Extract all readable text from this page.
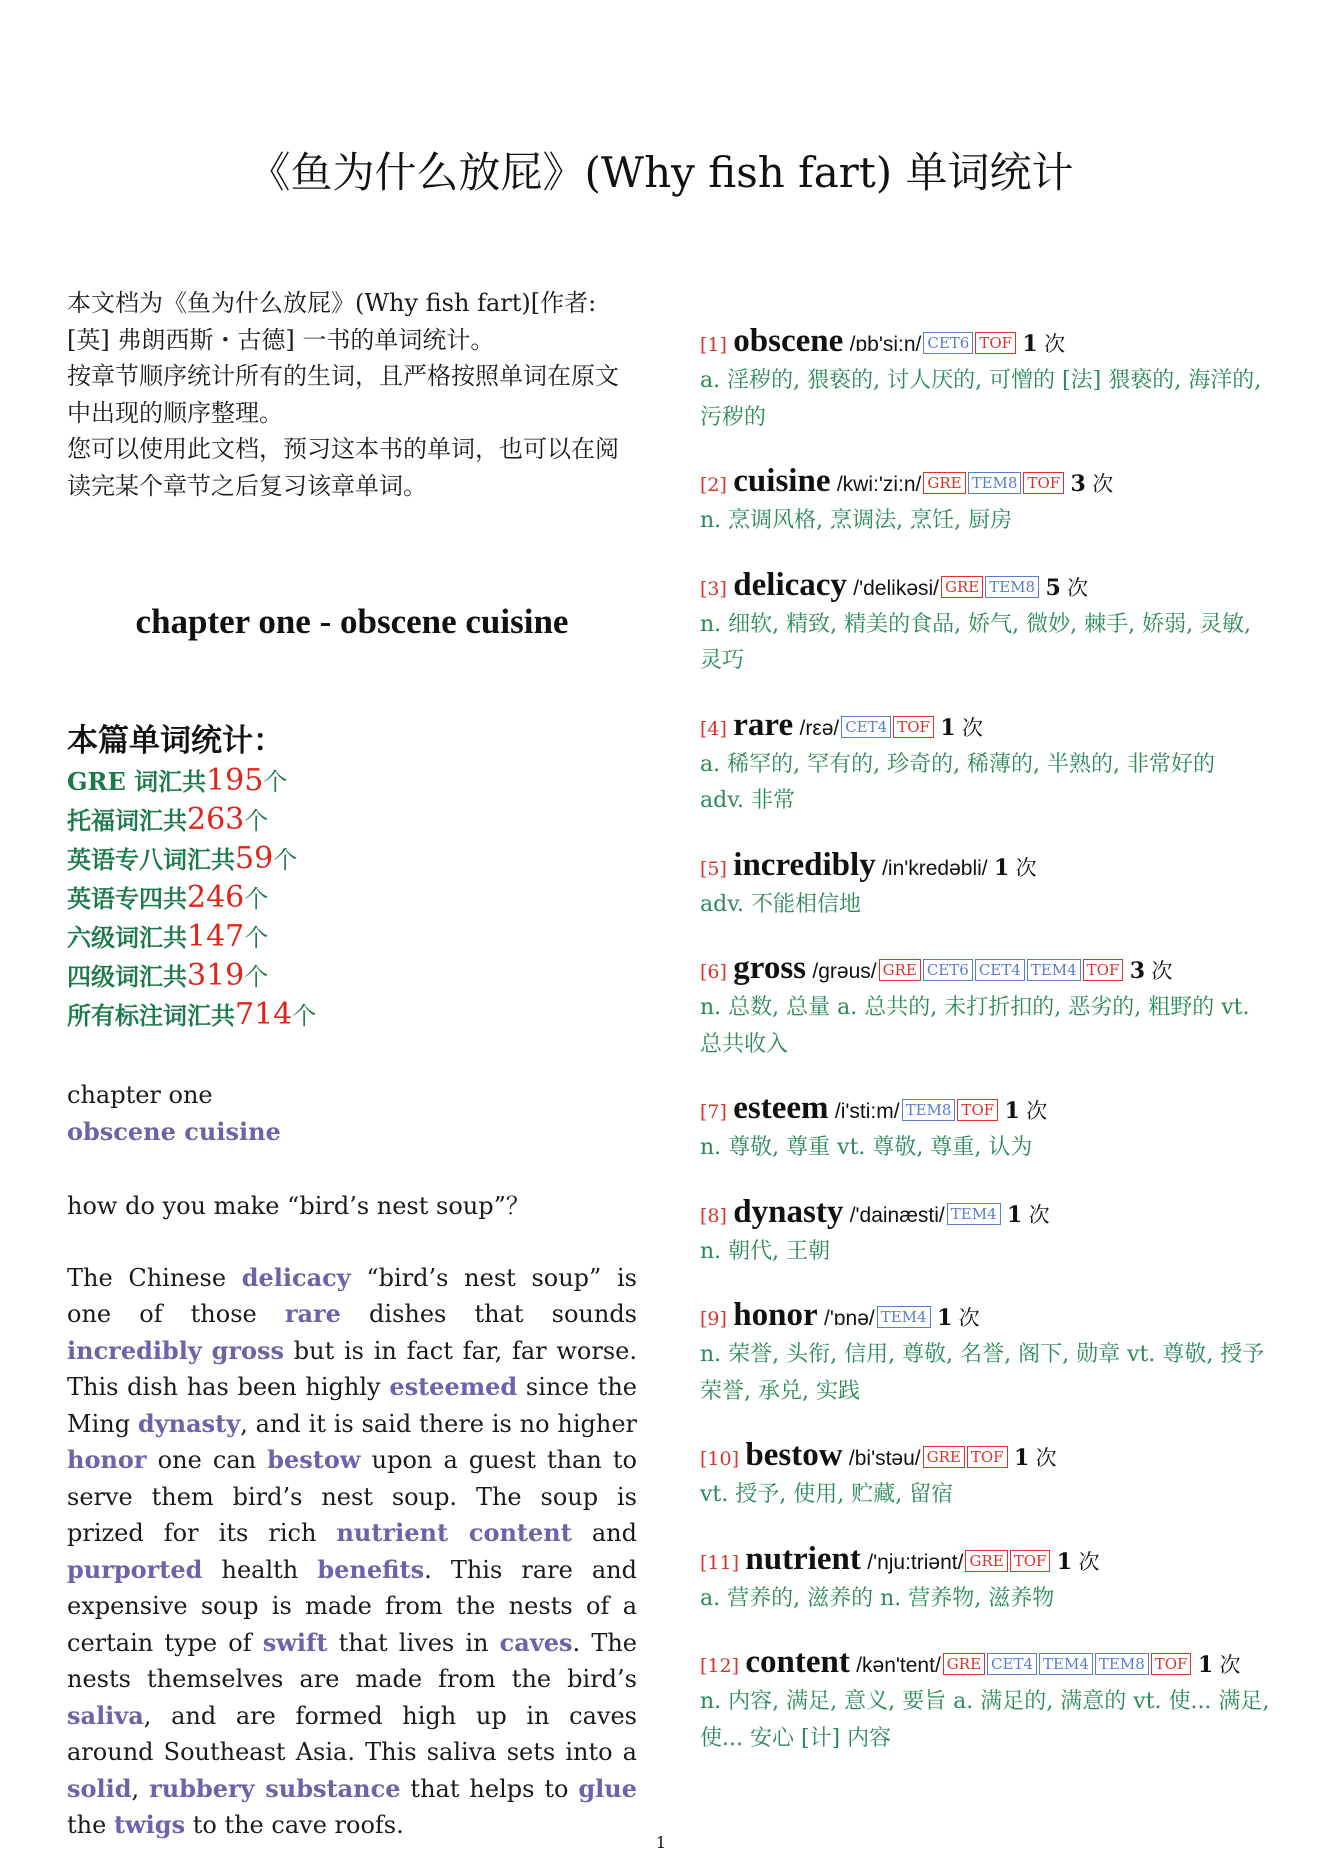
《鱼为什么放屁》(Why fish fart) 单词统计

本文档为《鱼为什么放屁》(Why fish fart)[作者: [英] 弗朗西斯・古德] 一书的单词统计。

按章节顺序统计所有的生词，且严格按照单词在原文中出现的顺序整理。

您可以使用此文档，预习这本书的单词，也可以在阅读完某个章节之后复习该章单词。

chapter one - obscene cuisine
本篇单词统计：
GRE 词汇共195个
托福词汇共263个
英语专八词汇共59个
英语专四共246个
六级词汇共147个
四级词汇共319个
所有标注词汇共714个
chapter one
obscene cuisine
how do you make “bird’s nest soup”？
The Chinese delicacy “bird’s nest soup” is one of those rare dishes that sounds incredibly gross but is in fact far, far worse. This dish has been highly esteemed since the Ming dynasty, and it is said there is no higher honor one can bestow upon a guest than to serve them bird’s nest soup. The soup is prized for its rich nutrient content and purported health benefits. This rare and expensive soup is made from the nests of a certain type of swift that lives in caves. The nests themselves are made from the bird’s saliva, and are formed high up in caves around Southeast Asia. This saliva sets into a solid, rubbery substance that helps to glue the twigs to the cave roofs.
[1] obscene /ɒb'si:n/ CET6 TOF 1 次
a. 淫秽的, 猥亵的, 讨人厌的, 可憎的 [法] 猥亵的, 海洋的, 污秽的
[2] cuisine /kwi:'zi:n/ GRE TEM8 TOF 3 次
n. 烹调风格, 烹调法, 烹饪, 厨房
[3] delicacy /'delikəsi/ GRE TEM8 5 次
n. 细软, 精致, 精美的食品, 娇气, 微妙, 棘手, 娇弱, 灵敏, 灵巧
[4] rare /rεə/ CET4 TOF 1 次
a. 稀罕的, 罕有的, 珍奇的, 稀薄的, 半熟的, 非常好的
adv. 非常
[5] incredibly /in'kredəbli/ 1 次
adv. 不能相信地
[6] gross /grəus/ GRE CET6 CET4 TEM4 TOF 3 次
n. 总数, 总量 a. 总共的, 未打折扣的, 恶劣的, 粗野的 vt. 总共收入
[7] esteem /i'sti:m/ TEM8 TOF 1 次
n. 尊敬, 尊重 vt. 尊敬, 尊重, 认为
[8] dynasty /'dainæsti/ TEM4 1 次
n. 朝代, 王朝
[9] honor /'ɒnə/ TEM4 1 次
n. 荣誉, 头衔, 信用, 尊敬, 名誉, 阁下, 勋章 vt. 尊敬, 授予荣誉, 承兑, 实践
[10] bestow /bi'stəu/ GRE TOF 1 次
vt. 授予, 使用, 贮藏, 留宿
[11] nutrient /'nju:triənt/ GRE TOF 1 次
a. 营养的, 滋养的 n. 营养物, 滋养物
[12] content /kən'tent/ GRE CET4 TEM4 TEM8 TOF 1 次
n. 内容, 满足, 意义, 要旨 a. 满足的, 满意的 vt. 使... 满足, 使... 安心 [计] 内容
1
